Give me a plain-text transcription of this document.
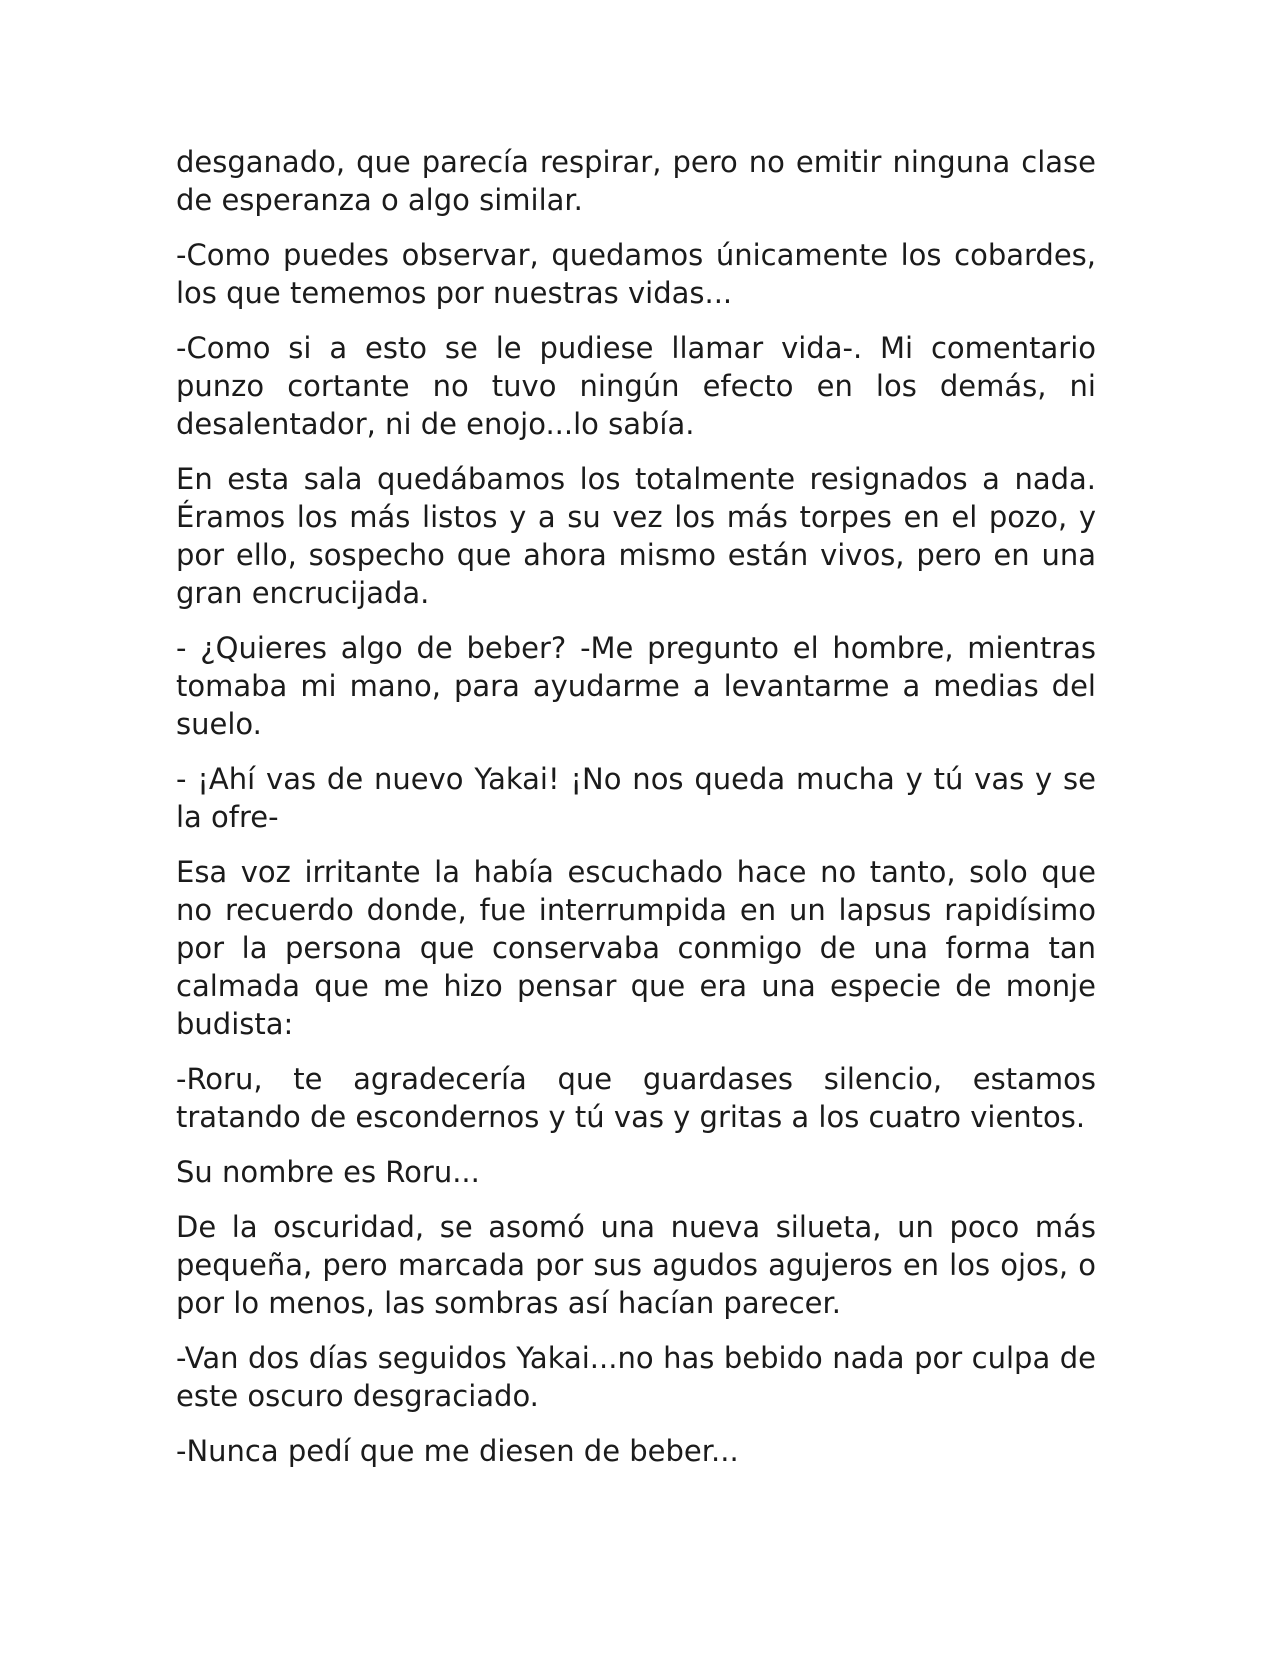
desganado, que parecía respirar, pero no emitir ninguna clase de esperanza o algo similar.

-Como puedes observar, quedamos únicamente los cobardes, los que tememos por nuestras vidas...

-Como si a esto se le pudiese llamar vida-. Mi comentario punzo cortante no tuvo ningún efecto en los demás, ni desalentador, ni de enojo...lo sabía.

En esta sala quedábamos los totalmente resignados a nada. Éramos los más listos y a su vez los más torpes en el pozo, y por ello, sospecho que ahora mismo están vivos, pero en una gran encrucijada.

- ¿Quieres algo de beber? -Me pregunto el hombre, mientras tomaba mi mano, para ayudarme a levantarme a medias del suelo.

- ¡Ahí vas de nuevo Yakai! ¡No nos queda mucha y tú vas y se la ofre-

Esa voz irritante la había escuchado hace no tanto, solo que no recuerdo donde, fue interrumpida en un lapsus rapidísimo por la persona que conservaba conmigo de una forma tan calmada que me hizo pensar que era una especie de monje budista:

-Roru, te agradecería que guardases silencio, estamos tratando de escondernos y tú vas y gritas a los cuatro vientos.

Su nombre es Roru...

De la oscuridad, se asomó una nueva silueta, un poco más pequeña, pero marcada por sus agudos agujeros en los ojos, o por lo menos, las sombras así hacían parecer.

-Van dos días seguidos Yakai...no has bebido nada por culpa de este oscuro desgraciado.

-Nunca pedí que me diesen de beber...
